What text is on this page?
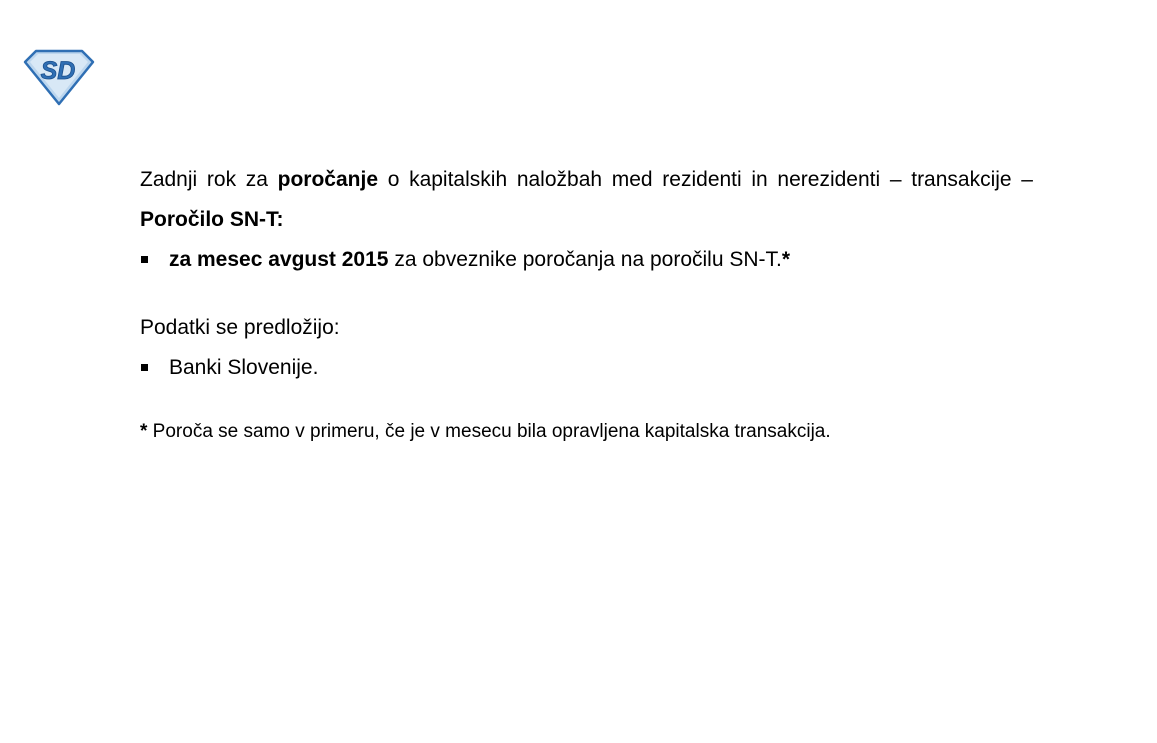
SD

Zadnji rok za poročanje o kapitalskih naložbah med rezidenti in nerezidenti – transakcije – Poročilo SN-T:

za mesec avgust 2015 za obveznike poročanja na poročilu SN-T.*

Podatki se predložijo:

Banki Slovenije.

* Poroča se samo v primeru, če je v mesecu bila opravljena kapitalska transakcija.
